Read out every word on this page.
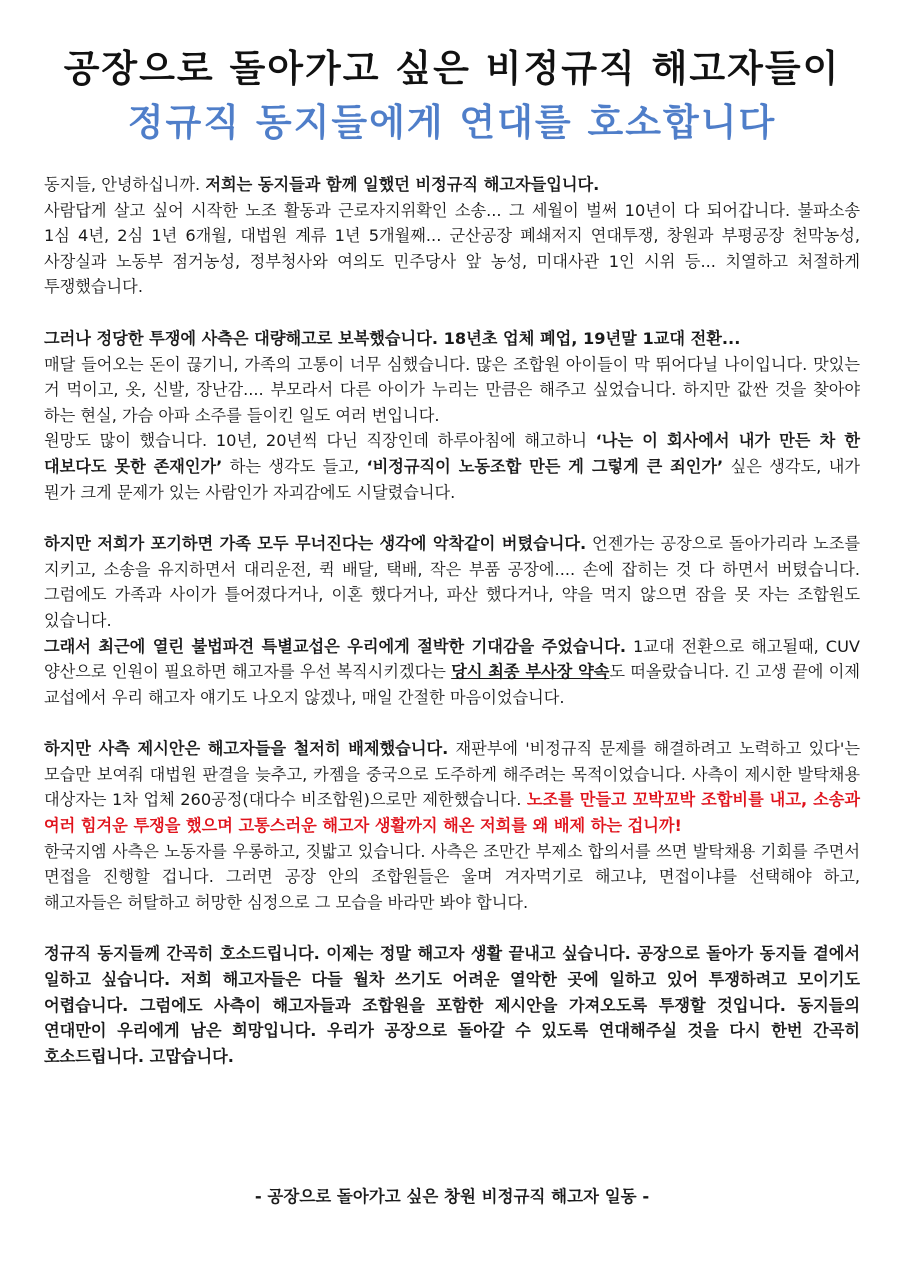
공장으로 돌아가고 싶은 비정규직 해고자들이
정규직 동지들에게 연대를 호소합니다

동지들, 안녕하십니까. 저희는 동지들과 함께 일했던 비정규직 해고자들입니다.

사람답게 살고 싶어 시작한 노조 활동과 근로자지위확인 소송... 그 세월이 벌써 10년이 다 되어갑니다. 불파소송 1심 4년, 2심 1년 6개월, 대법원 계류 1년 5개월째... 군산공장 폐쇄저지 연대투쟁, 창원과 부평공장 천막농성, 사장실과 노동부 점거농성, 정부청사와 여의도 민주당사 앞 농성, 미대사관 1인 시위 등... 치열하고 처절하게 투쟁했습니다.

그러나 정당한 투쟁에 사측은 대량해고로 보복했습니다. 18년초 업체 폐업, 19년말 1교대 전환...

매달 들어오는 돈이 끊기니, 가족의 고통이 너무 심했습니다. 많은 조합원 아이들이 막 뛰어다닐 나이입니다. 맛있는 거 먹이고, 옷, 신발, 장난감.... 부모라서 다른 아이가 누리는 만큼은 해주고 싶었습니다. 하지만 값싼 것을 찾아야 하는 현실, 가슴 아파 소주를 들이킨 일도 여러 번입니다.

원망도 많이 했습니다. 10년, 20년씩 다닌 직장인데 하루아침에 해고하니 ‘나는 이 회사에서 내가 만든 차 한 대보다도 못한 존재인가’ 하는 생각도 들고, ‘비정규직이 노동조합 만든 게 그렇게 큰 죄인가’ 싶은 생각도, 내가 뭔가 크게 문제가 있는 사람인가 자괴감에도 시달렸습니다.

하지만 저희가 포기하면 가족 모두 무너진다는 생각에 악착같이 버텼습니다. 언젠가는 공장으로 돌아가리라 노조를 지키고, 소송을 유지하면서 대리운전, 퀵 배달, 택배, 작은 부품 공장에.... 손에 잡히는 것 다 하면서 버텼습니다. 그럼에도 가족과 사이가 틀어졌다거나, 이혼 했다거나, 파산 했다거나, 약을 먹지 않으면 잠을 못 자는 조합원도 있습니다.

그래서 최근에 열린 불법파견 특별교섭은 우리에게 절박한 기대감을 주었습니다. 1교대 전환으로 해고될때, CUV 양산으로 인원이 필요하면 해고자를 우선 복직시키겠다는 당시 최종 부사장 약속도 떠올랐습니다. 긴 고생 끝에 이제 교섭에서 우리 해고자 얘기도 나오지 않겠나, 매일 간절한 마음이었습니다.

하지만 사측 제시안은 해고자들을 철저히 배제했습니다. 재판부에 '비정규직 문제를 해결하려고 노력하고 있다'는 모습만 보여줘 대법원 판결을 늦추고, 카젬을 중국으로 도주하게 해주려는 목적이었습니다. 사측이 제시한 발탁채용 대상자는 1차 업체 260공정(대다수 비조합원)으로만 제한했습니다. 노조를 만들고 꼬박꼬박 조합비를 내고, 소송과 여러 힘겨운 투쟁을 했으며 고통스러운 해고자 생활까지 해온 저희를 왜 배제 하는 겁니까!

한국지엠 사측은 노동자를 우롱하고, 짓밟고 있습니다. 사측은 조만간 부제소 합의서를 쓰면 발탁채용 기회를 주면서 면접을 진행할 겁니다. 그러면 공장 안의 조합원들은 울며 겨자먹기로 해고냐, 면접이냐를 선택해야 하고, 해고자들은 허탈하고 허망한 심정으로 그 모습을 바라만 봐야 합니다.

정규직 동지들께 간곡히 호소드립니다. 이제는 정말 해고자 생활 끝내고 싶습니다. 공장으로 돌아가 동지들 곁에서 일하고 싶습니다. 저희 해고자들은 다들 월차 쓰기도 어려운 열악한 곳에 일하고 있어 투쟁하려고 모이기도 어렵습니다. 그럼에도 사측이 해고자들과 조합원을 포함한 제시안을 가져오도록 투쟁할 것입니다. 동지들의 연대만이 우리에게 남은 희망입니다. 우리가 공장으로 돌아갈 수 있도록 연대해주실 것을 다시 한번 간곡히 호소드립니다. 고맙습니다.

- 공장으로 돌아가고 싶은 창원 비정규직 해고자 일동 -
